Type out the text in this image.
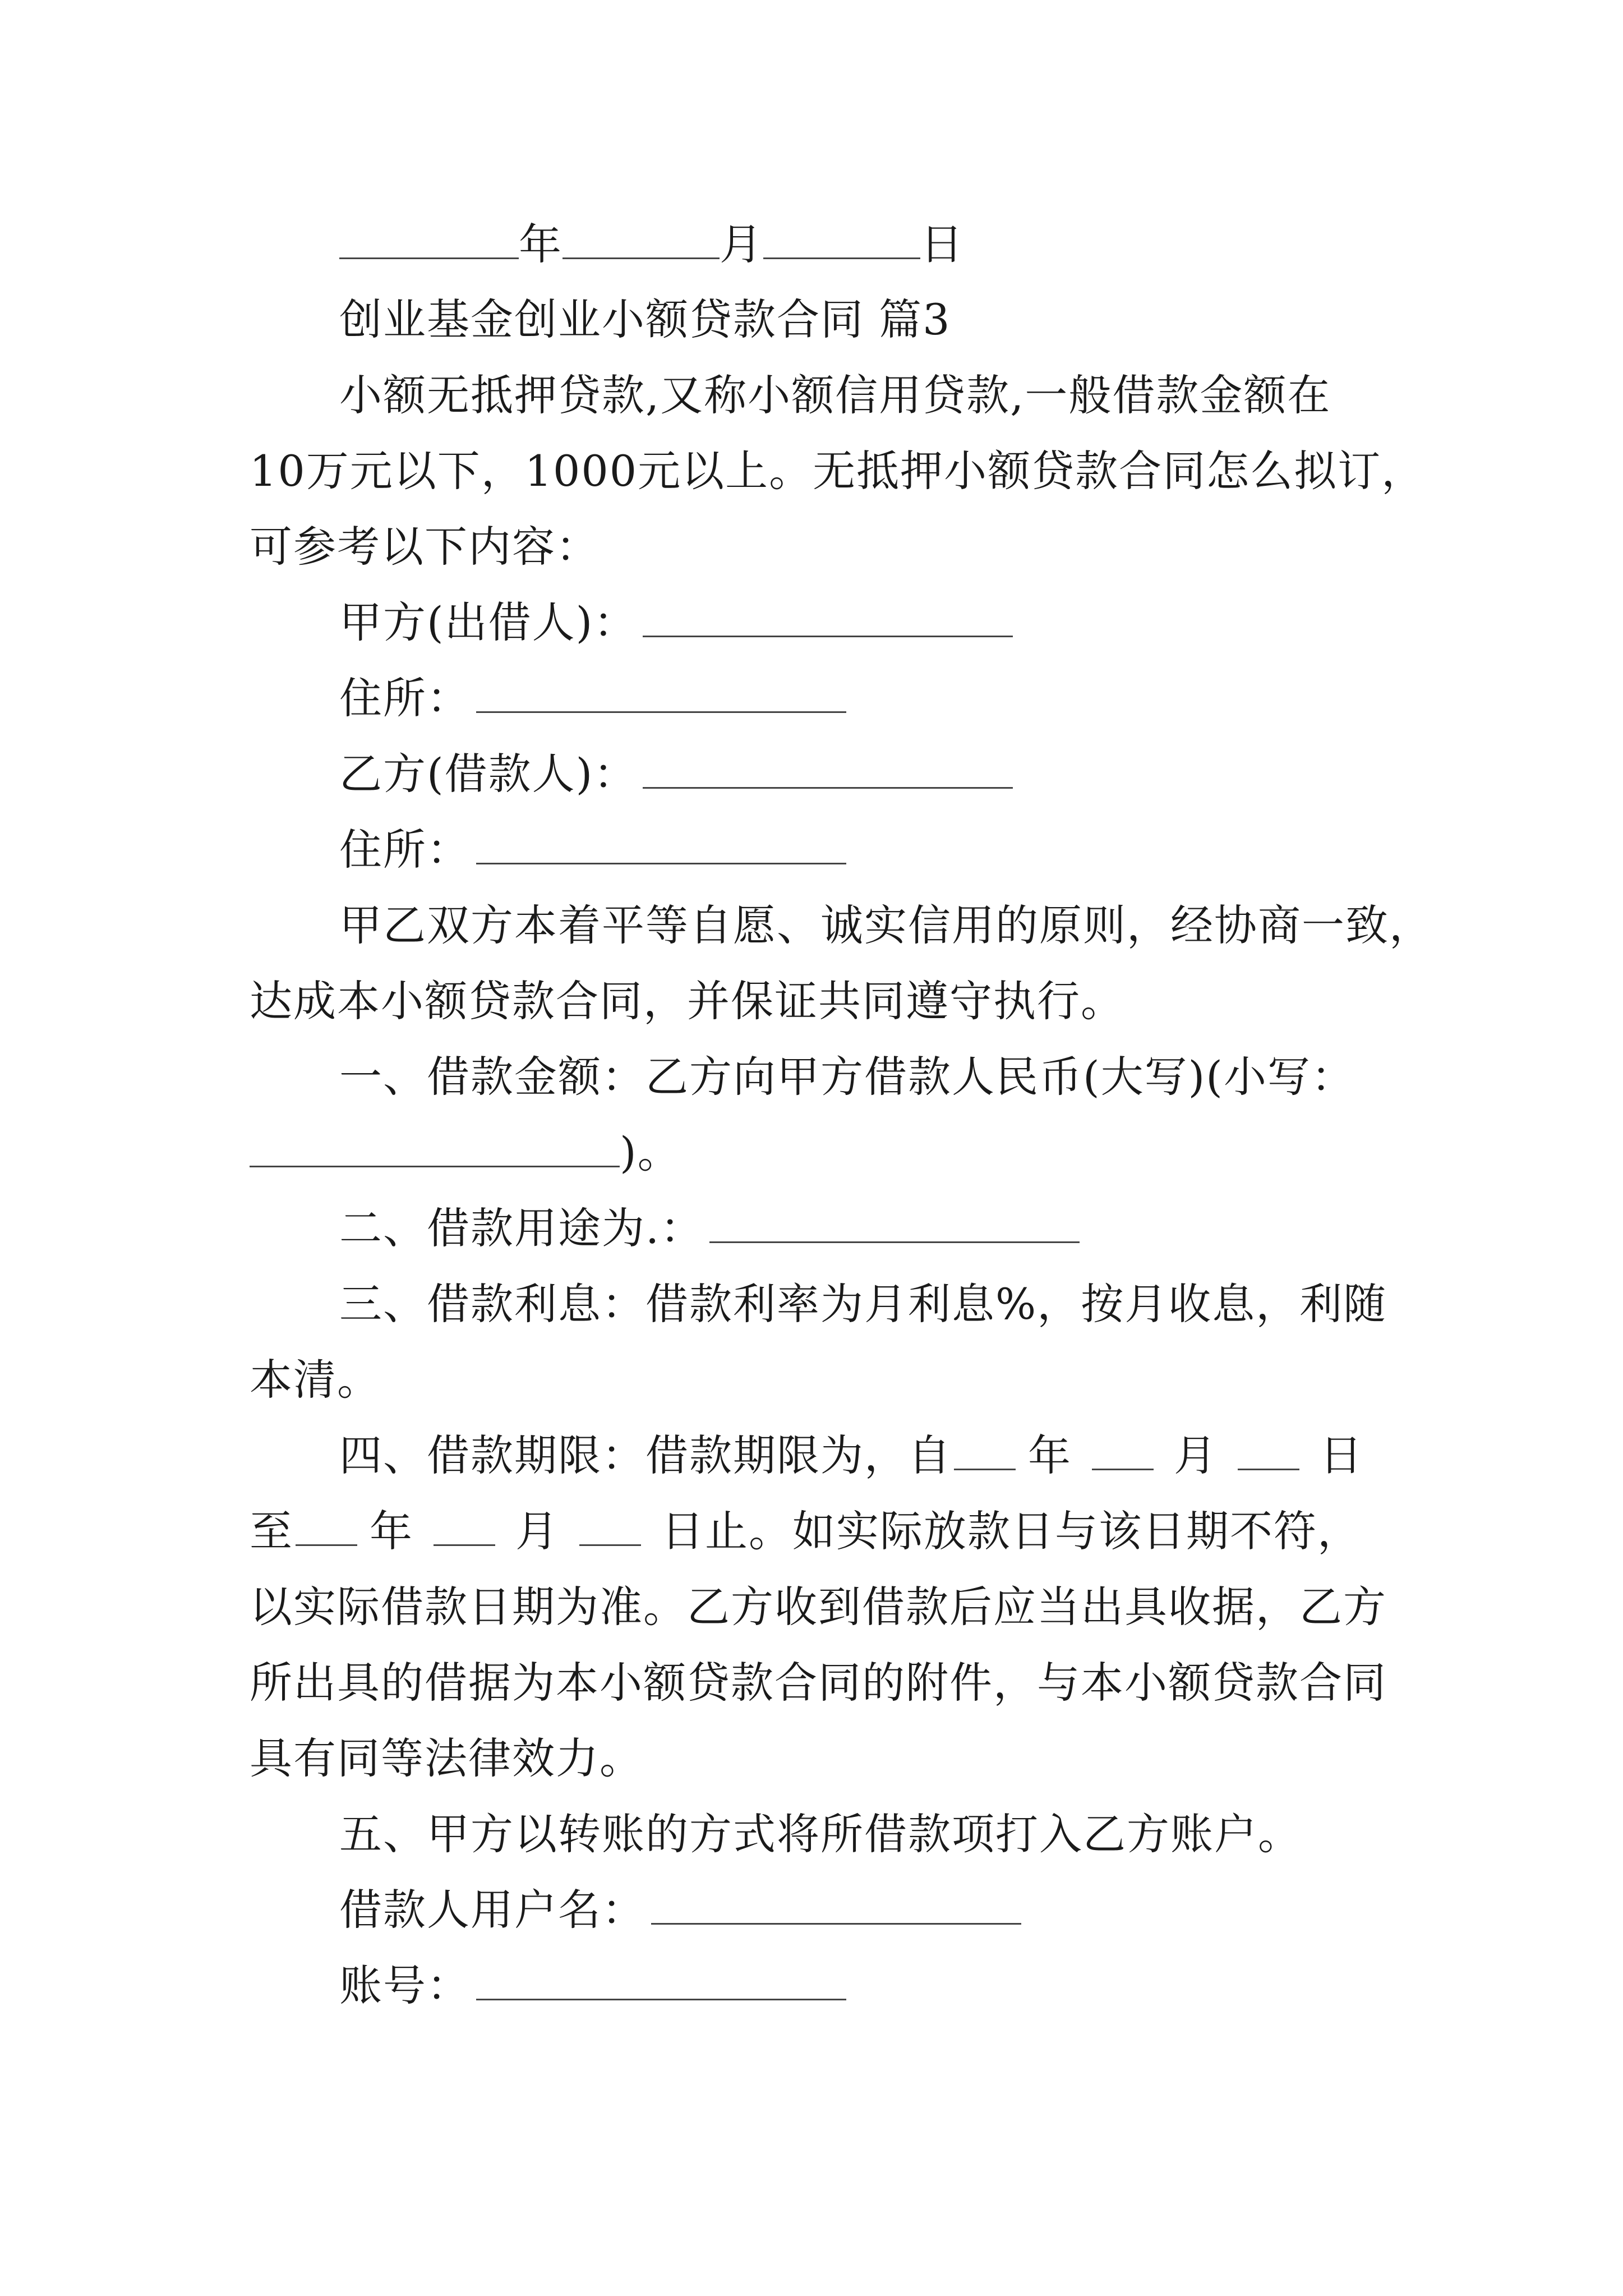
年	月	日
创业基金创业小额贷款合同 篇3
小额无抵押贷款,又称小额信用贷款,一般借款金额在
10万元以下，1000元以上。无抵押小额贷款合同怎么拟订，
可参考以下内容：
甲方(出借人)：
住所：
乙方(借款人)：
住所：
甲乙双方本着平等自愿、诚实信用的原则，经协商一致，
达成本小额贷款合同，并保证共同遵守执行。
一、借款金额：乙方向甲方借款人民币(大写)(小写：
)。
二、借款用途为.：
三、借款利息：借款利率为月利息%，按月收息，利随
本清。
四、借款期限：借款期限为，自 年 月 日
至 年 月 日止。如实际放款日与该日期不符，
以实际借款日期为准。乙方收到借款后应当出具收据，乙方
所出具的借据为本小额贷款合同的附件，与本小额贷款合同
具有同等法律效力。
五、甲方以转账的方式将所借款项打入乙方账户。
借款人用户名：
账号：
